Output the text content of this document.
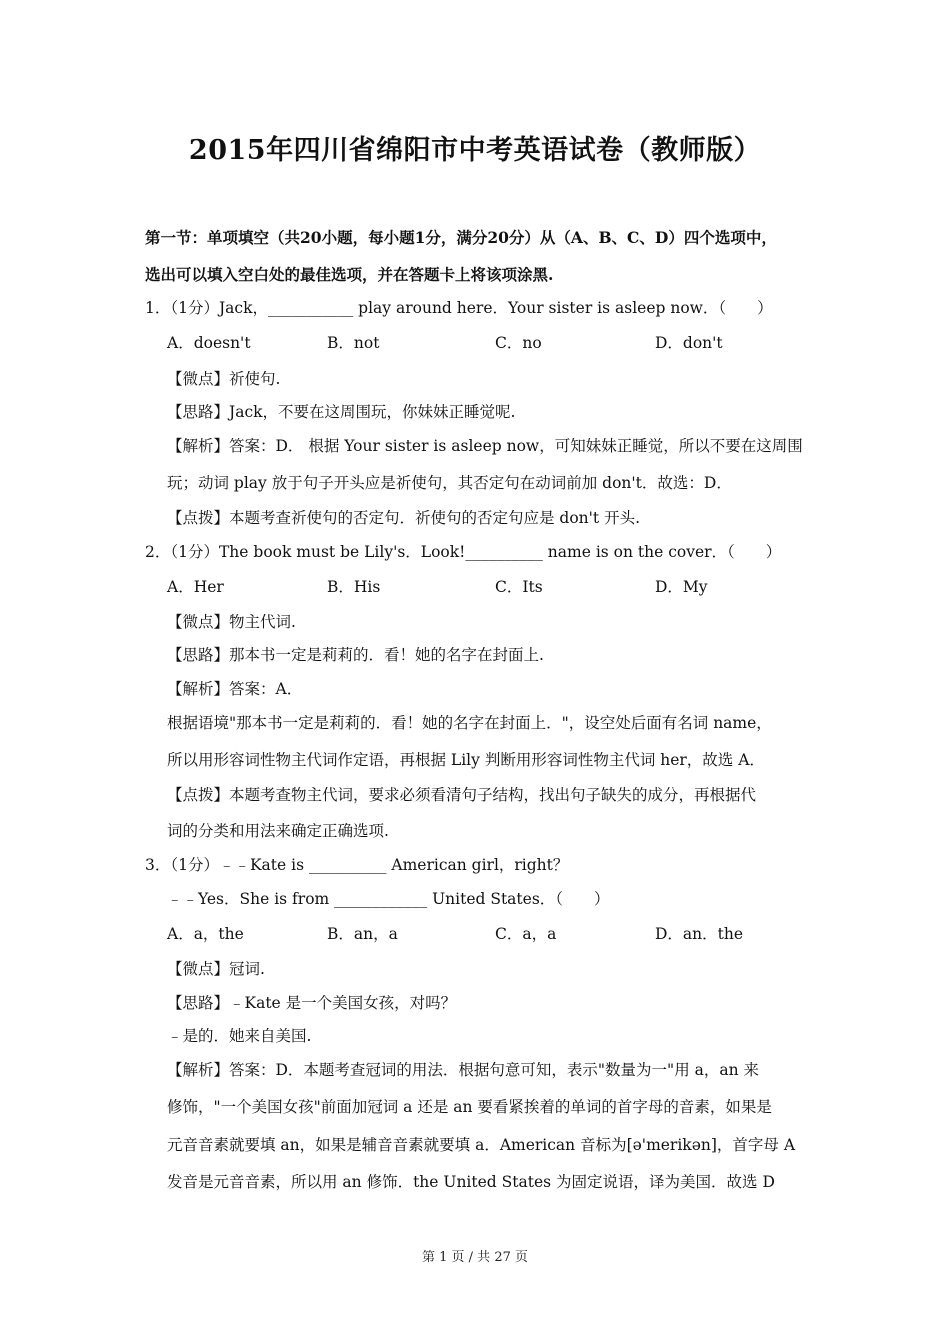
2015年四川省绵阳市中考英语试卷（教师版）
第一节：单项填空（共20小题，每小题1分，满分20分）从（A、B、C、D）四个选项中，
选出可以填入空白处的最佳选项，并在答题卡上将该项涂黑.
1．（1分）Jack，___________ play around here．Your sister is asleep now．（　　）
A．doesn't	B．not	C．no	D．don't
【微点】祈使句.
【思路】Jack，不要在这周围玩，你妹妹正睡觉呢.
【解析】答案：D． 根据 Your sister is asleep now，可知妹妹正睡觉，所以不要在这周围
玩；动词 play 放于句子开头应是祈使句，其否定句在动词前加 don't．故选：D．
【点拨】本题考查祈使句的否定句．祈使句的否定句应是 don't 开头.
2．（1分）The book must be Lily's．Look!__________ name is on the cover．（　　）
A．Her	B．His	C．Its	D．My
【微点】物主代词.
【思路】那本书一定是莉莉的．看！她的名字在封面上.
【解析】答案：A．
根据语境"那本书一定是莉莉的．看！她的名字在封面上．"，设空处后面有名词 name，
所以用形容词性物主代词作定语，再根据 Lily 判断用形容词性物主代词 her，故选 A．
【点拨】本题考查物主代词，要求必须看清句子结构，找出句子缺失的成分，再根据代
词的分类和用法来确定正确选项.
3．（1分）﹣﹣Kate is __________ American girl，right？
﹣﹣Yes．She is from ____________ United States．（　　）
A．a，the	B．an，a	C．a，a	D．an．the
【微点】冠词.
【思路】﹣Kate 是一个美国女孩，对吗？
﹣是的．她来自美国.
【解析】答案：D．本题考查冠词的用法．根据句意可知，表示"数量为一"用 a，an 来
修饰，"一个美国女孩"前面加冠词 a 还是 an 要看紧挨着的单词的首字母的音素，如果是
元音音素就要填 an，如果是辅音音素就要填 a．American 音标为[ə'merikən]，首字母 A
发音是元音音素，所以用 an 修饰．the United States 为固定说语，译为美国．故选 D
第 1 页 / 共 27 页
